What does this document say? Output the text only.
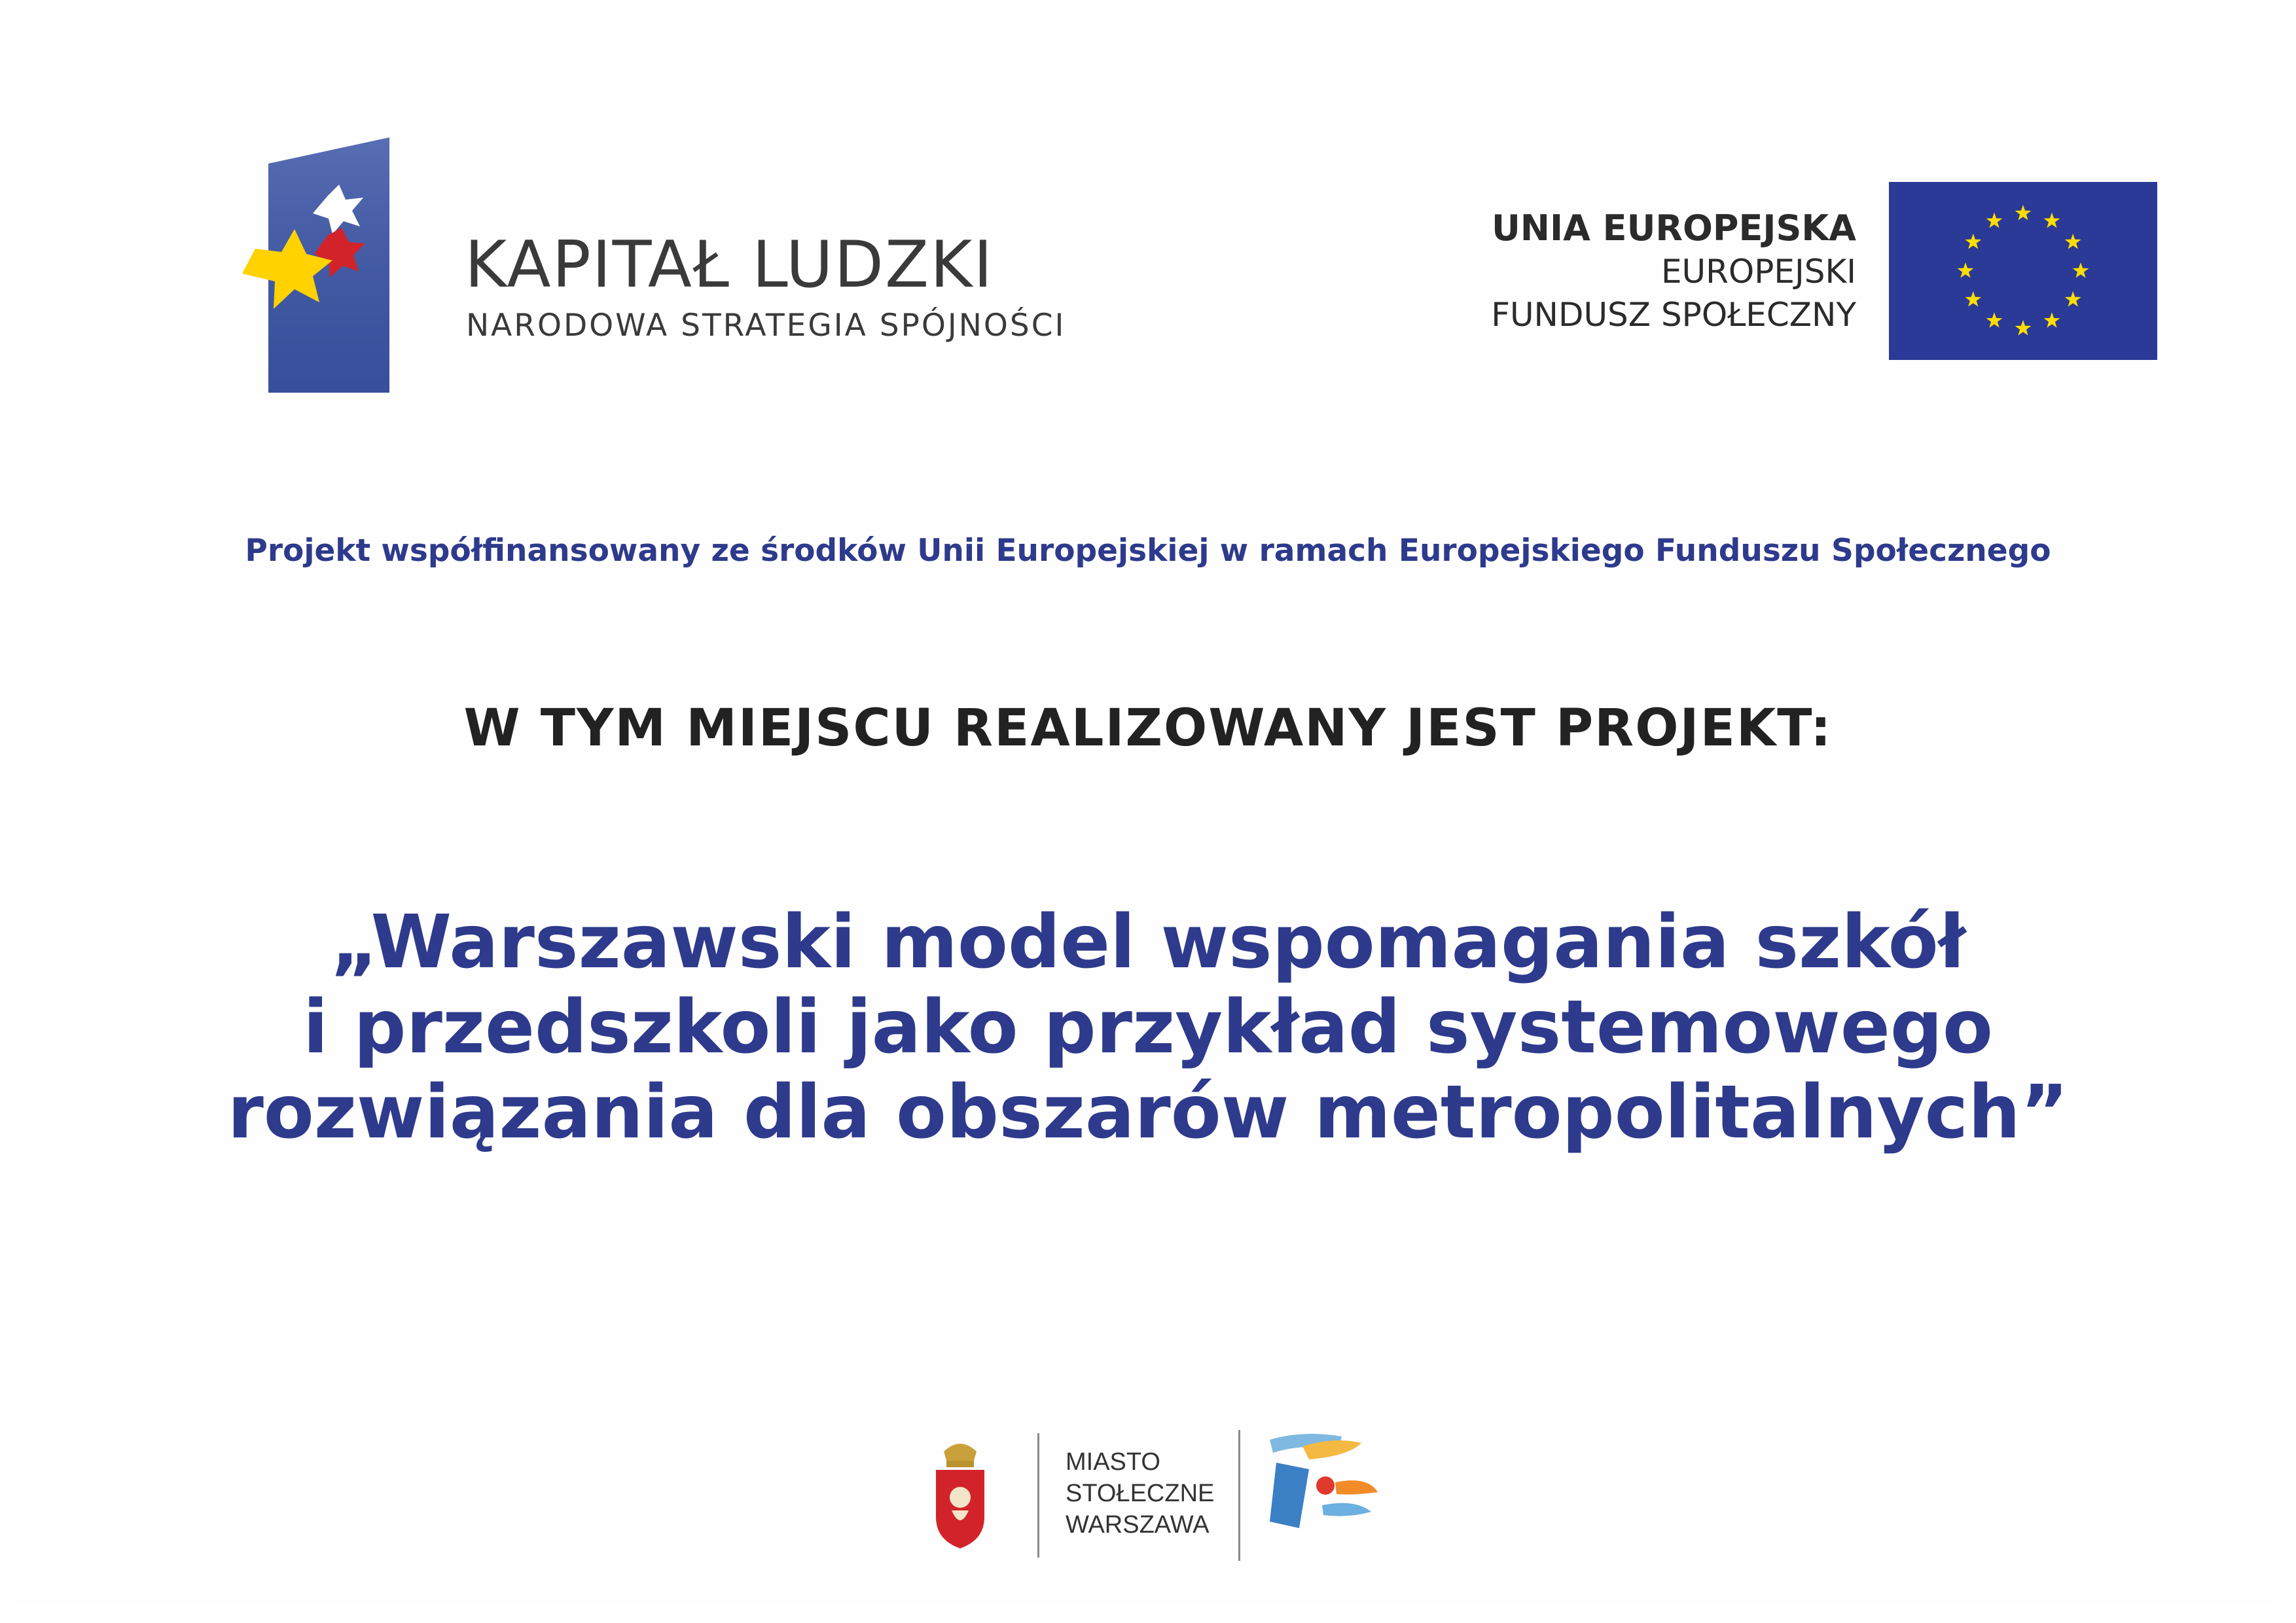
KAPITAŁ LUDZKI
NARODOWA STRATEGIA SPÓJNOŚCI
UNIA EUROPEJSKA
EUROPEJSKI
FUNDUSZ SPOŁECZNY
Projekt współfinansowany ze środków Unii Europejskiej w ramach Europejskiego Funduszu Społecznego
W TYM MIEJSCU REALIZOWANY JEST PROJEKT:
„Warszawski model wspomagania szkół
i przedszkoli jako przykład systemowego
rozwiązania dla obszarów metropolitalnych”
MIASTO
STOŁECZNE
WARSZAWA
